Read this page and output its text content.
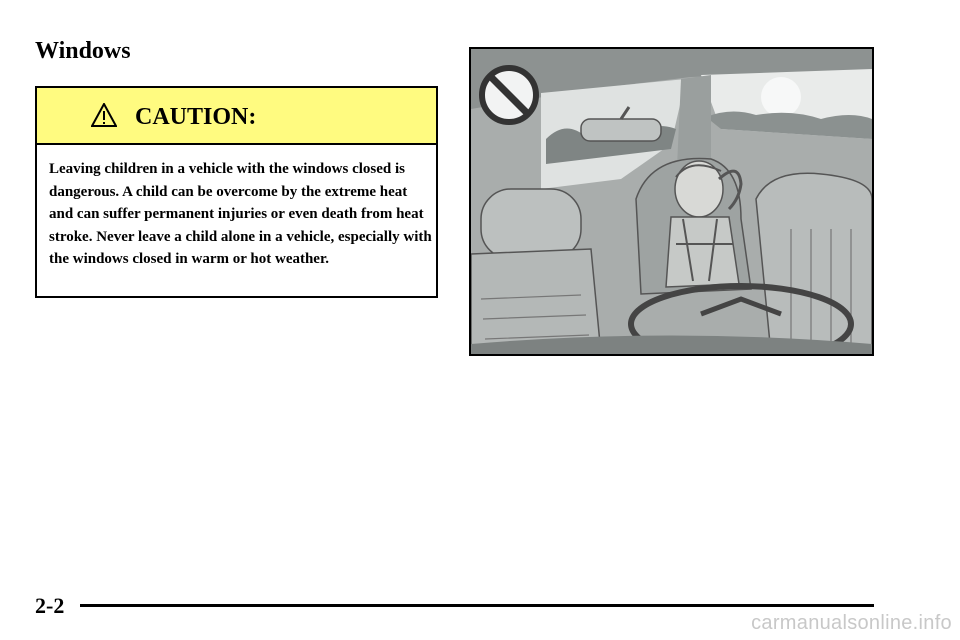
Windows
CAUTION:

Leaving children in a vehicle with the windows closed is dangerous. A child can be overcome by the extreme heat and can suffer permanent injuries or even death from heat stroke. Never leave a child alone in a vehicle, especially with the windows closed in warm or hot weather.

2-2
carmanualsonline.info
